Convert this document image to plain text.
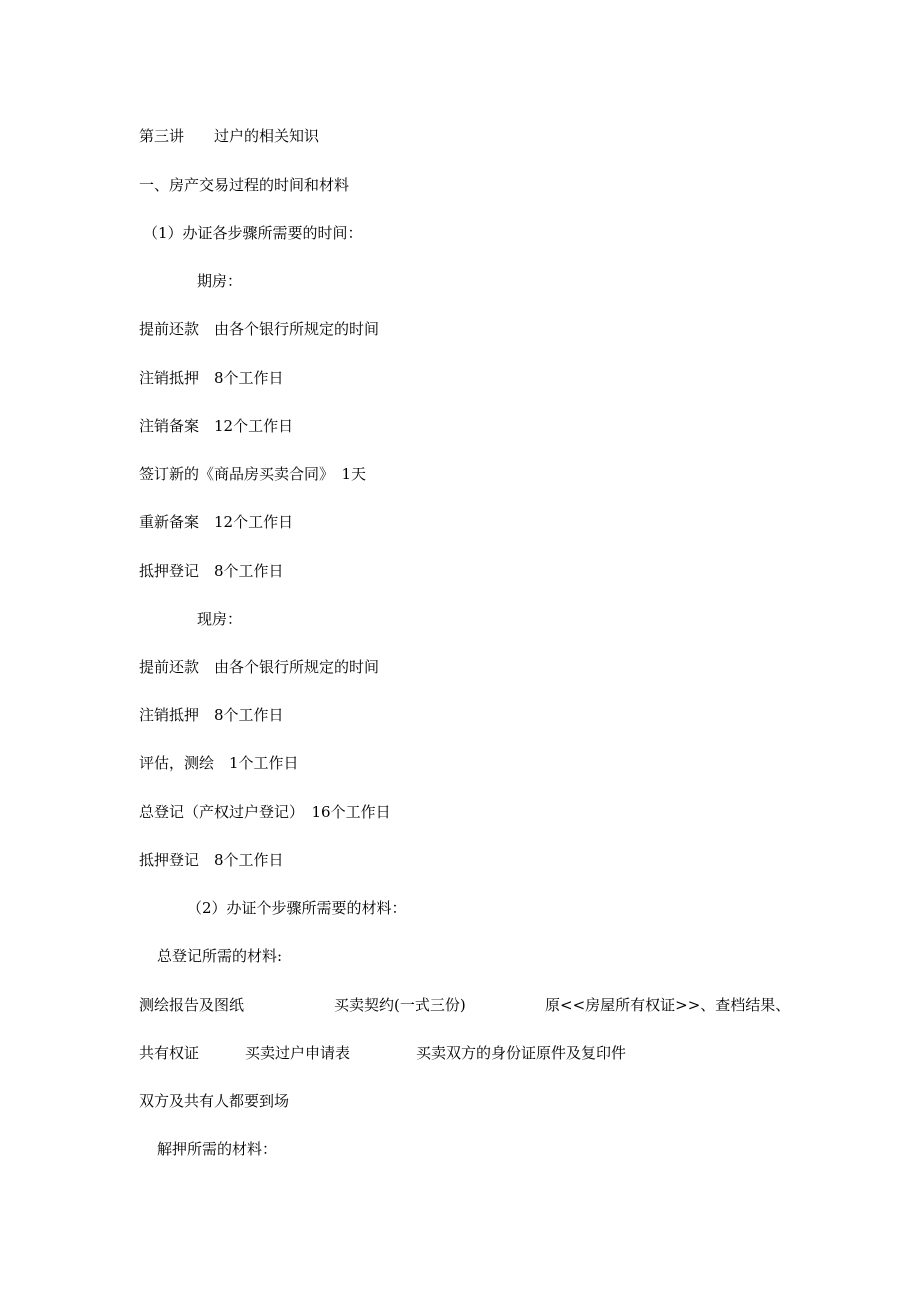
第三讲　　过户的相关知识
一、房产交易过程的时间和材料
（1）办证各步骤所需要的时间：
期房：
提前还款　由各个银行所规定的时间
注销抵押　8个工作日
注销备案　12个工作日
签订新的《商品房买卖合同》　1天
重新备案　12个工作日
抵押登记　8个工作日
现房：
提前还款　由各个银行所规定的时间
注销抵押　8个工作日
评估，测绘　1个工作日
总登记（产权过户登记）　16个工作日
抵押登记　8个工作日
（2）办证个步骤所需要的材料：
总登记所需的材料:
测绘报告及图纸	买卖契约(一式三份)	原<<房屋所有权证>>、查档结果、
共有权证	买卖过户申请表	买卖双方的身份证原件及复印件
双方及共有人都要到场
解押所需的材料：
